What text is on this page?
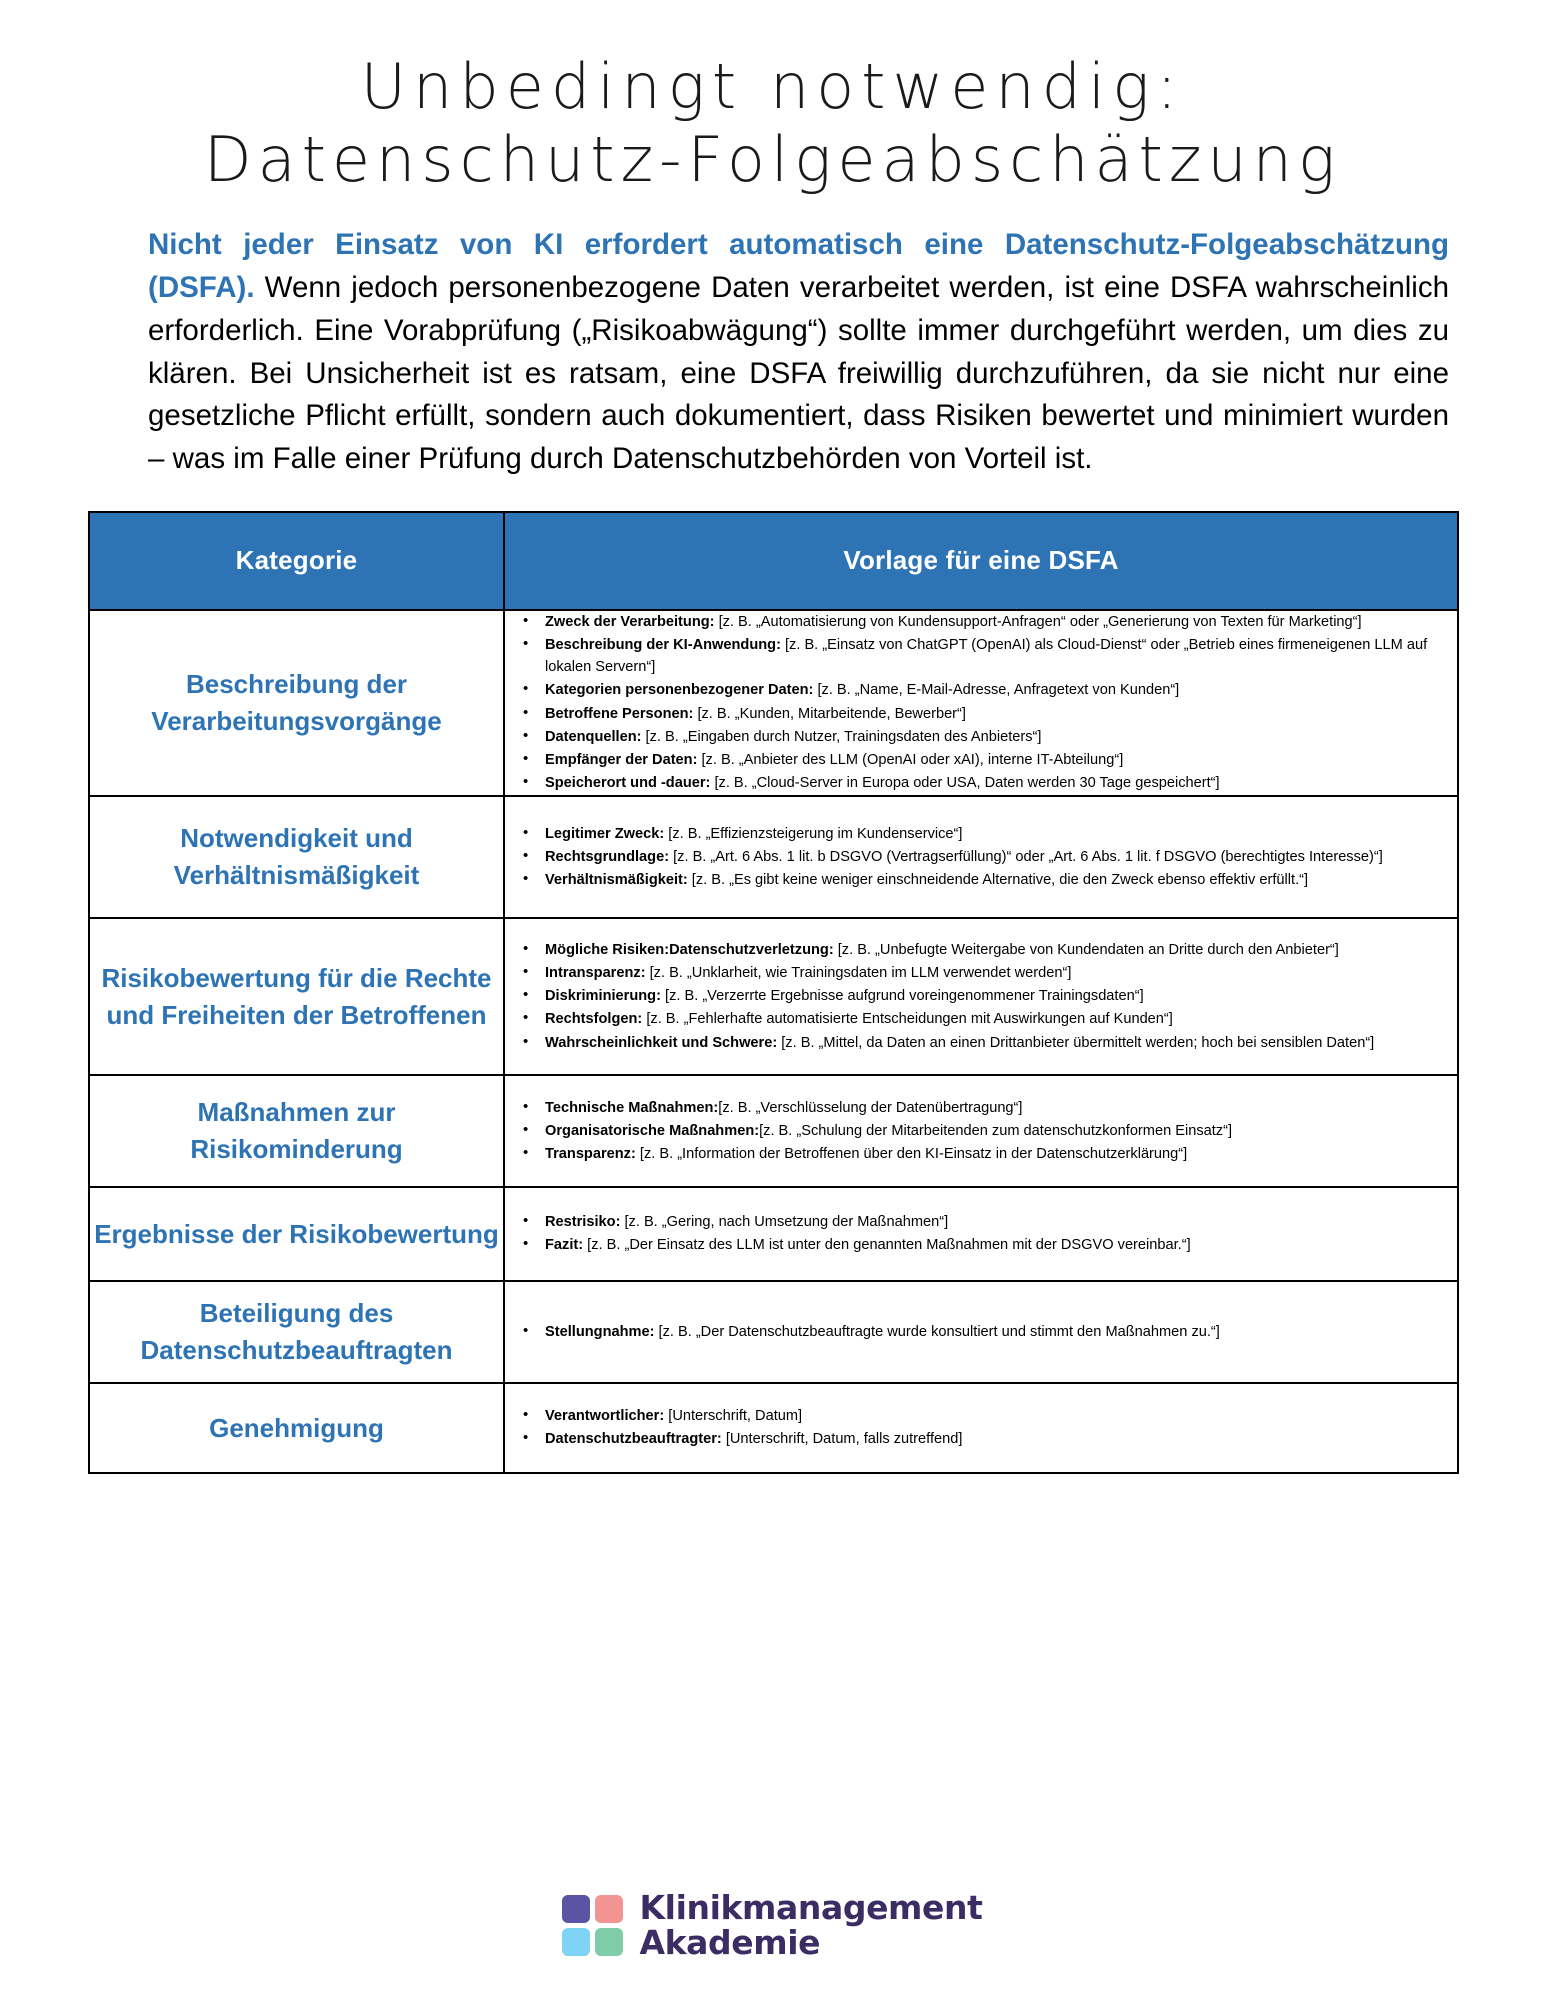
Unbedingt notwendig:
Datenschutz-Folgeabschätzung

Nicht jeder Einsatz von KI erfordert automatisch eine Datenschutz-Folgeabschätzung (DSFA). Wenn jedoch personenbezogene Daten verarbeitet werden, ist eine DSFA wahrscheinlich erforderlich. Eine Vorabprüfung („Risikoabwägung“) sollte immer durchgeführt werden, um dies zu klären. Bei Unsicherheit ist es ratsam, eine DSFA freiwillig durchzuführen, da sie nicht nur eine gesetzliche Pflicht erfüllt, sondern auch dokumentiert, dass Risiken bewertet und minimiert wurden – was im Falle einer Prüfung durch Datenschutzbehörden von Vorteil ist.

Kategorie	Vorlage für eine DSFA
Beschreibung der Verarbeitungsvorgänge	
• Zweck der Verarbeitung: [z. B. „Automatisierung von Kundensupport-Anfragen“ oder „Generierung von Texten für Marketing“]
• Beschreibung der KI-Anwendung: [z. B. „Einsatz von ChatGPT (OpenAI) als Cloud-Dienst“ oder „Betrieb eines firmeneigenen LLM auf lokalen Servern“]
• Kategorien personenbezogener Daten: [z. B. „Name, E-Mail-Adresse, Anfragetext von Kunden“]
• Betroffene Personen: [z. B. „Kunden, Mitarbeitende, Bewerber“]
• Datenquellen: [z. B. „Eingaben durch Nutzer, Trainingsdaten des Anbieters“]
• Empfänger der Daten: [z. B. „Anbieter des LLM (OpenAI oder xAI), interne IT-Abteilung“]
• Speicherort und -dauer: [z. B. „Cloud-Server in Europa oder USA, Daten werden 30 Tage gespeichert“]

Notwendigkeit und Verhältnismäßigkeit	
• Legitimer Zweck: [z. B. „Effizienzsteigerung im Kundenservice“]
• Rechtsgrundlage: [z. B. „Art. 6 Abs. 1 lit. b DSGVO (Vertragserfüllung)“ oder „Art. 6 Abs. 1 lit. f DSGVO (berechtigtes Interesse)“]
• Verhältnismäßigkeit: [z. B. „Es gibt keine weniger einschneidende Alternative, die den Zweck ebenso effektiv erfüllt.“]

Risikobewertung für die Rechte und Freiheiten der Betroffenen	
• Mögliche Risiken:Datenschutzverletzung: [z. B. „Unbefugte Weitergabe von Kundendaten an Dritte durch den Anbieter“]
• Intransparenz: [z. B. „Unklarheit, wie Trainingsdaten im LLM verwendet werden“]
• Diskriminierung: [z. B. „Verzerrte Ergebnisse aufgrund voreingenommener Trainingsdaten“]
• Rechtsfolgen: [z. B. „Fehlerhafte automatisierte Entscheidungen mit Auswirkungen auf Kunden“]
• Wahrscheinlichkeit und Schwere: [z. B. „Mittel, da Daten an einen Drittanbieter übermittelt werden; hoch bei sensiblen Daten“]

Maßnahmen zur Risikominderung	
• Technische Maßnahmen:[z. B. „Verschlüsselung der Datenübertragung“]
• Organisatorische Maßnahmen:[z. B. „Schulung der Mitarbeitenden zum datenschutzkonformen Einsatz“]
• Transparenz: [z. B. „Information der Betroffenen über den KI-Einsatz in der Datenschutzerklärung“]

Ergebnisse der Risikobewertung	
•Restrisiko: [z. B. „Gering, nach Umsetzung der Maßnahmen“]
• Fazit: [z. B. „Der Einsatz des LLM ist unter den genannten Maßnahmen mit der DSGVO vereinbar.“]

Beteiligung des Datenschutzbeauftragten	
• Stellungnahme: [z. B. „Der Datenschutzbeauftragte wurde konsultiert und stimmt den Maßnahmen zu.“]

Genehmigung	
•Verantwortlicher: [Unterschrift, Datum]
• Datenschutzbeauftragter: [Unterschrift, Datum, falls zutreffend]
Klinikmanagement
Akademie
